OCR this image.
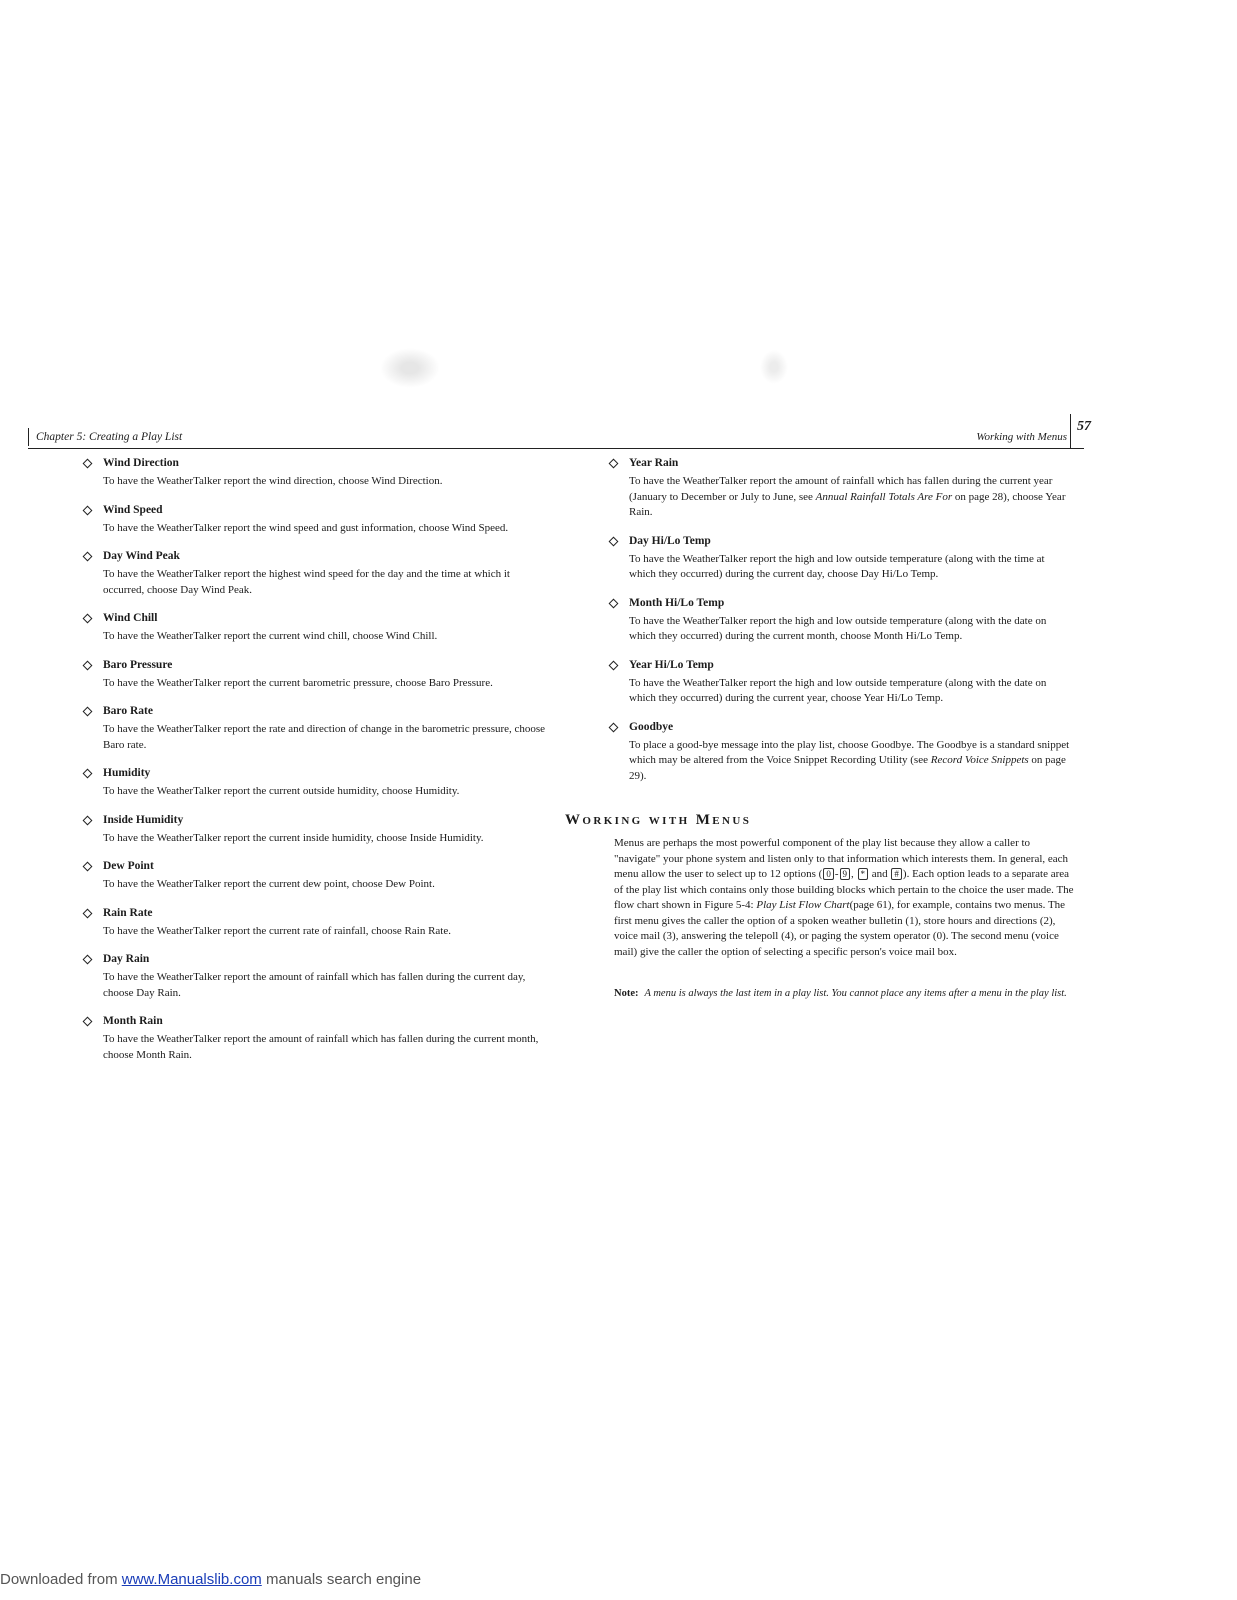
Chapter 5: Creating a Play List	Working with Menus
57
Wind Direction
To have the WeatherTalker report the wind direction, choose Wind Direction.
Wind Speed
To have the WeatherTalker report the wind speed and gust information, choose Wind Speed.
Day Wind Peak
To have the WeatherTalker report the highest wind speed for the day and the time at which it occurred, choose Day Wind Peak.
Wind Chill
To have the WeatherTalker report the current wind chill, choose Wind Chill.
Baro Pressure
To have the WeatherTalker report the current barometric pressure, choose Baro Pressure.
Baro Rate
To have the WeatherTalker report the rate and direction of change in the barometric pressure, choose Baro rate.
Humidity
To have the WeatherTalker report the current outside humidity, choose Humidity.
Inside Humidity
To have the WeatherTalker report the current inside humidity, choose Inside Humidity.
Dew Point
To have the WeatherTalker report the current dew point, choose Dew Point.
Rain Rate
To have the WeatherTalker report the current rate of rainfall, choose Rain Rate.
Day Rain
To have the WeatherTalker report the amount of rainfall which has fallen during the current day, choose Day Rain.
Month Rain
To have the WeatherTalker report the amount of rainfall which has fallen during the current month, choose Month Rain.
Year Rain
To have the WeatherTalker report the amount of rainfall which has fallen during the current year (January to December or July to June, see Annual Rainfall Totals Are For on page 28), choose Year Rain.
Day Hi/Lo Temp
To have the WeatherTalker report the high and low outside temperature (along with the time at which they occurred) during the current day, choose Day Hi/Lo Temp.
Month Hi/Lo Temp
To have the WeatherTalker report the high and low outside temperature (along with the date on which they occurred) during the current month, choose Month Hi/Lo Temp.
Year Hi/Lo Temp
To have the WeatherTalker report the high and low outside temperature (along with the date on which they occurred) during the current year, choose Year Hi/Lo Temp.
Goodbye
To place a good-bye message into the play list, choose Goodbye. The Goodbye is a standard snippet which may be altered from the Voice Snippet Recording Utility (see Record Voice Snippets on page 29).
Working with Menus
Menus are perhaps the most powerful component of the play list because they allow a caller to "navigate" your phone system and listen only to that information which interests them. In general, each menu allow the user to select up to 12 options ( 0 - 9 , * and # ). Each option leads to a separate area of the play list which contains only those building blocks which pertain to the choice the user made. The flow chart shown in Figure 5-4: Play List Flow Chart(page 61), for example, contains two menus. The first menu gives the caller the option of a spoken weather bulletin (1), store hours and directions (2), voice mail (3), answering the telepoll (4), or paging the system operator (0). The second menu (voice mail) give the caller the option of selecting a specific person's voice mail box.
Note: A menu is always the last item in a play list. You cannot place any items after a menu in the play list.
Downloaded from www.Manualslib.com manuals search engine
